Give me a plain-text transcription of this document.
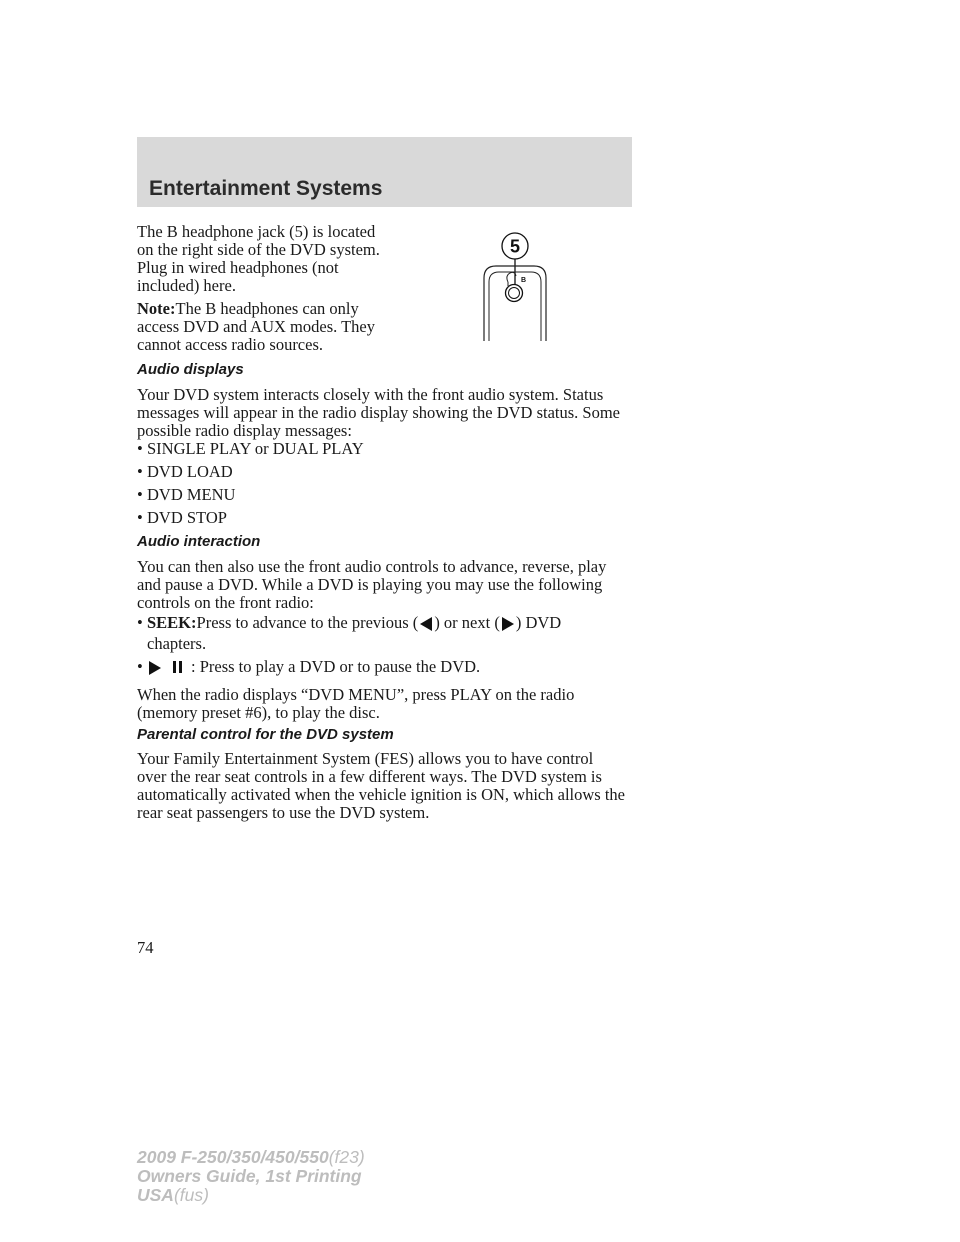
Entertainment Systems
The B headphone jack (5) is located
on the right side of the DVD system.
Plug in wired headphones (not
included) here.
Note:The B headphones can only
access DVD and AUX modes. They
cannot access radio sources.
5
B
Audio displays
Your DVD system interacts closely with the front audio system. Status
messages will appear in the radio display showing the DVD status. Some
possible radio display messages:
• SINGLE PLAY or DUAL PLAY
• DVD LOAD
• DVD MENU
• DVD STOP
Audio interaction
You can then also use the front audio controls to advance, reverse, play
and pause a DVD. While a DVD is playing you may use the following
controls on the front radio:
• SEEK:Press to advance to the previous ( ) or next ( ) DVD
chapters.
•	: Press to play a DVD or to pause the DVD.
When the radio displays “DVD MENU”, press PLAY on the radio
(memory preset #6), to play the disc.
Parental control for the DVD system
Your Family Entertainment System (FES) allows you to have control
over the rear seat controls in a few different ways. The DVD system is
automatically activated when the vehicle ignition is ON, which allows the
rear seat passengers to use the DVD system.
74
2009 F-250/350/450/550(f23)
Owners Guide, 1st Printing
USA(fus)
